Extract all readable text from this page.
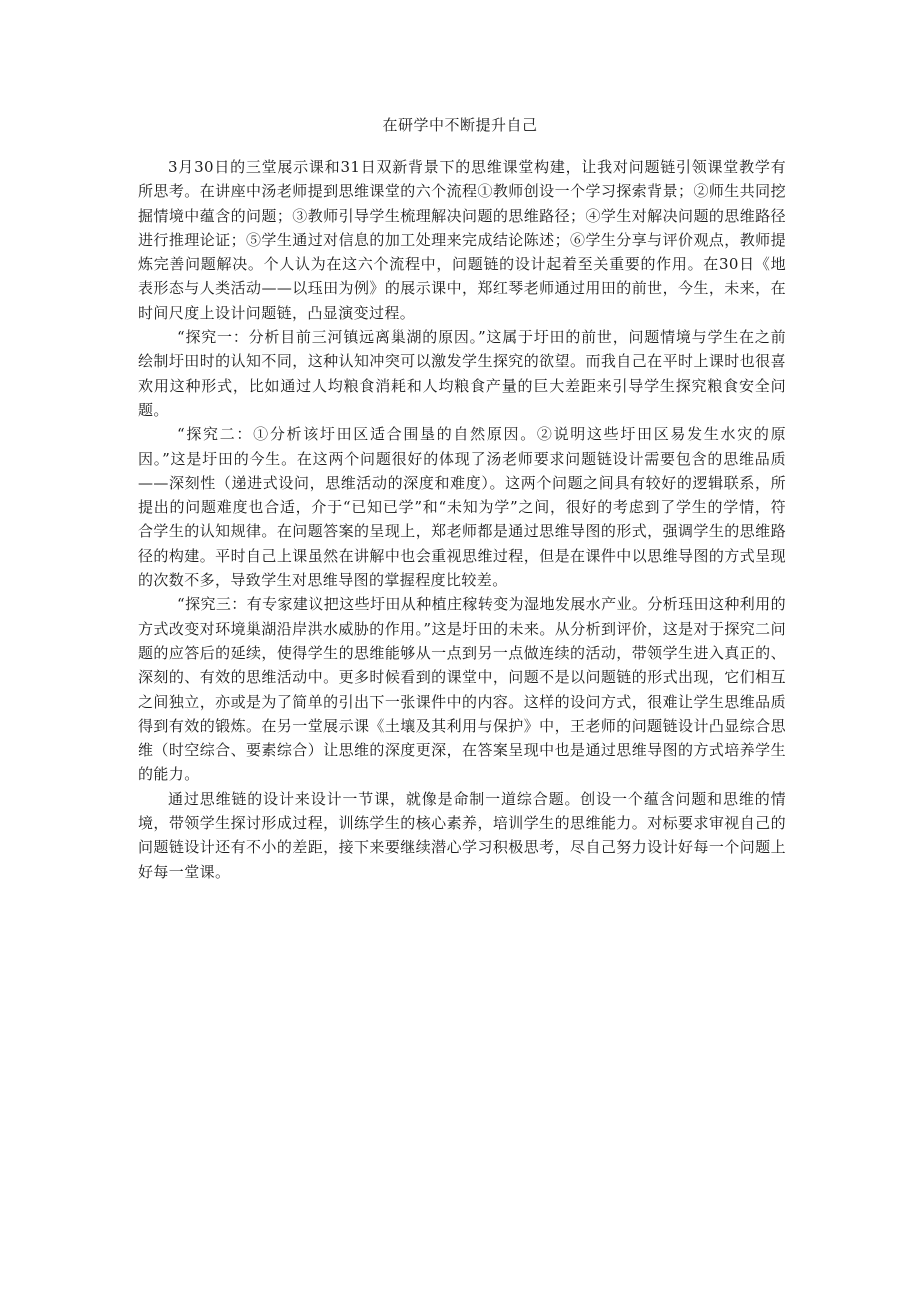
在研学中不断提升自己

3月30日的三堂展示课和31日双新背景下的思维课堂构建，让我对问题链引领课堂教学有所思考。在讲座中汤老师提到思维课堂的六个流程①教师创设一个学习探索背景；②师生共同挖掘情境中蕴含的问题；③教师引导学生梳理解决问题的思维路径；④学生对解决问题的思维路径进行推理论证；⑤学生通过对信息的加工处理来完成结论陈述；⑥学生分享与评价观点，教师提炼完善问题解决。个人认为在这六个流程中，问题链的设计起着至关重要的作用。在30日《地表形态与人类活动——以珏田为例》的展示课中，郑红琴老师通过用田的前世，今生，未来，在时间尺度上设计问题链，凸显演变过程。

“探究一：分析目前三河镇远离巢湖的原因。”这属于圩田的前世，问题情境与学生在之前绘制圩田时的认知不同，这种认知冲突可以激发学生探究的欲望。而我自己在平时上课时也很喜欢用这种形式，比如通过人均粮食消耗和人均粮食产量的巨大差距来引导学生探究粮食安全问题。

“探究二：①分析该圩田区适合围垦的自然原因。②说明这些圩田区易发生水灾的原因。”这是圩田的今生。在这两个问题很好的体现了汤老师要求问题链设计需要包含的思维品质——深刻性（递进式设问，思维活动的深度和难度）。这两个问题之间具有较好的逻辑联系，所提出的问题难度也合适，介于“已知已学”和“未知为学”之间，很好的考虑到了学生的学情，符合学生的认知规律。在问题答案的呈现上，郑老师都是通过思维导图的形式，强调学生的思维路径的构建。平时自己上课虽然在讲解中也会重视思维过程，但是在课件中以思维导图的方式呈现的次数不多，导致学生对思维导图的掌握程度比较差。

“探究三：有专家建议把这些圩田从种植庄稼转变为湿地发展水产业。分析珏田这种利用的方式改变对环境巢湖沿岸洪水威胁的作用。”这是圩田的未来。从分析到评价，这是对于探究二问题的应答后的延续，使得学生的思维能够从一点到另一点做连续的活动，带领学生进入真正的、深刻的、有效的思维活动中。更多时候看到的课堂中，问题不是以问题链的形式出现，它们相互之间独立，亦或是为了简单的引出下一张课件中的内容。这样的设问方式，很难让学生思维品质得到有效的锻炼。在另一堂展示课《土壤及其利用与保护》中，王老师的问题链设计凸显综合思维（时空综合、要素综合）让思维的深度更深，在答案呈现中也是通过思维导图的方式培养学生的能力。

通过思维链的设计来设计一节课，就像是命制一道综合题。创设一个蕴含问题和思维的情境，带领学生探讨形成过程，训练学生的核心素养，培训学生的思维能力。对标要求审视自己的问题链设计还有不小的差距，接下来要继续潜心学习积极思考，尽自己努力设计好每一个问题上好每一堂课。
